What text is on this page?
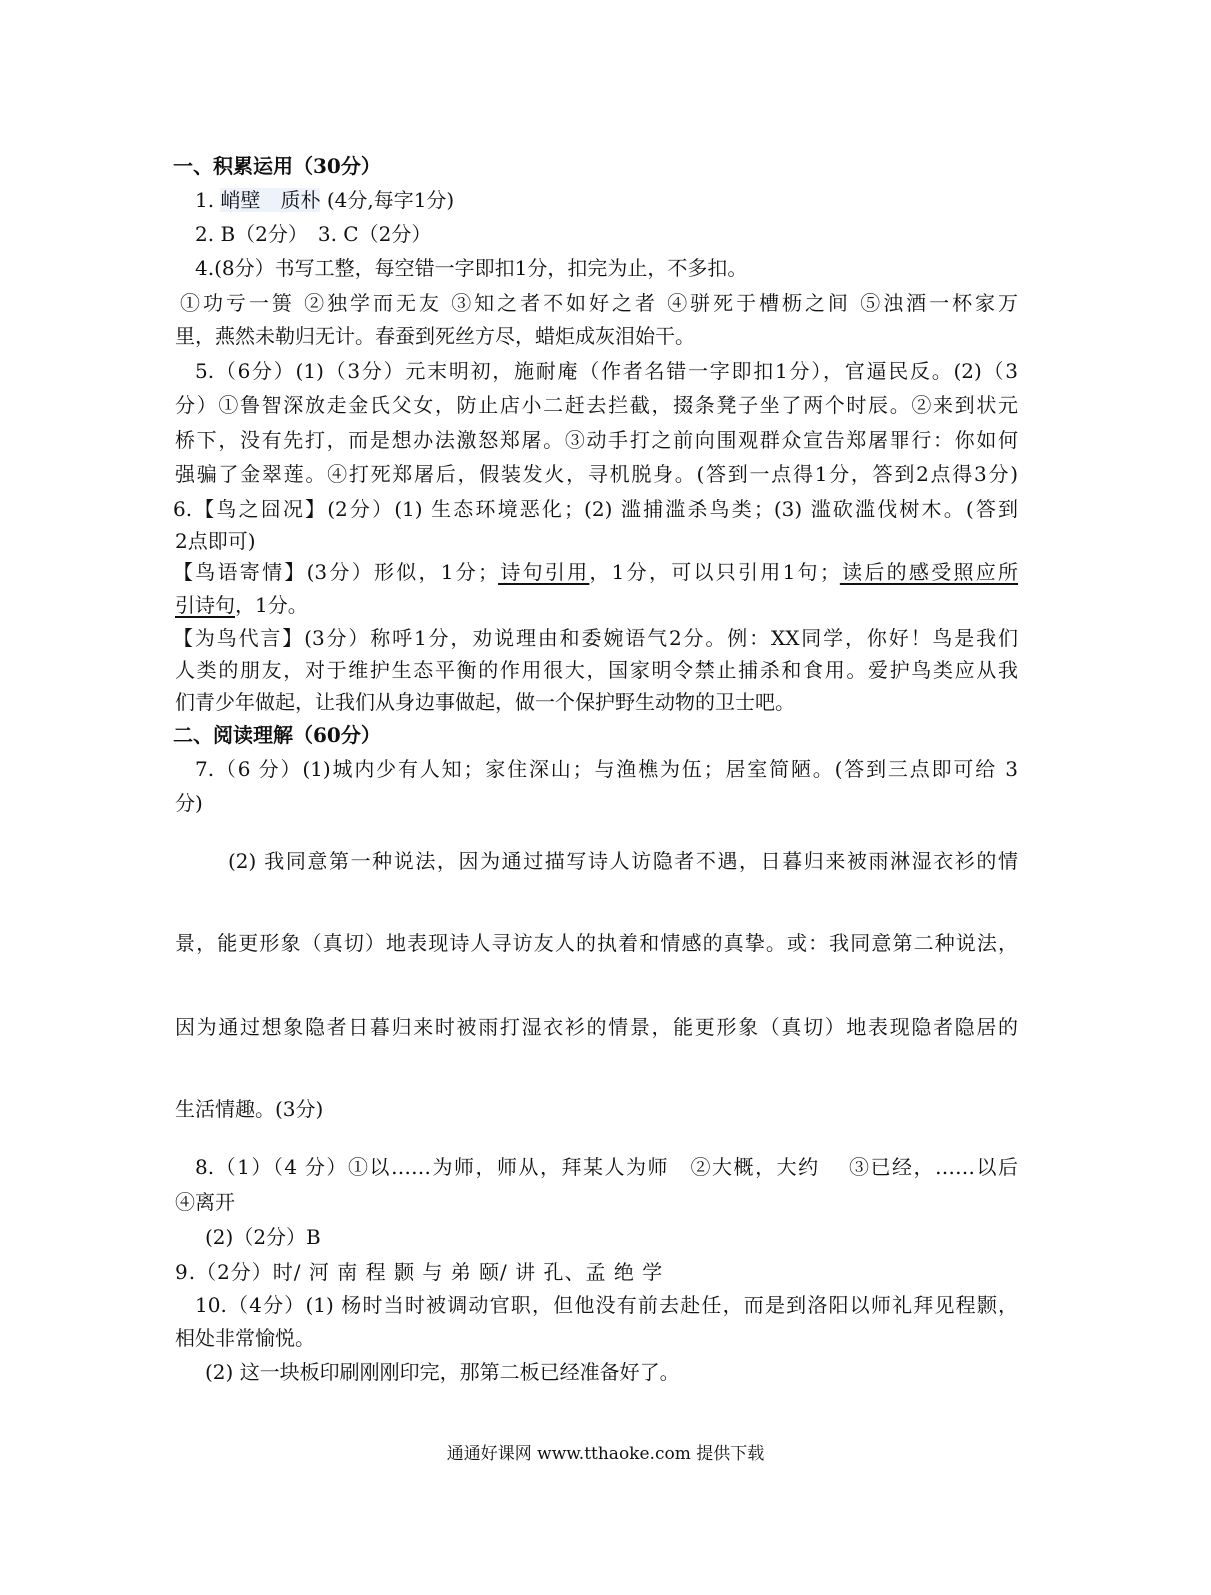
一、积累运用（30分）
1. 峭壁　质朴 (4分,每字1分)
2. B（2分）　3. C（2分）
4.(8分）书写工整，每空错一字即扣1分，扣完为止，不多扣。
①功亏一篑 ②独学而无友 ③知之者不如好之者 ④骈死于槽枥之间 ⑤浊酒一杯家万
里，燕然未勒归无计。春蚕到死丝方尽，蜡炬成灰泪始干。
5.（6分）(1)（3分）元末明初，施耐庵（作者名错一字即扣1分），官逼民反。(2)（3
分）①鲁智深放走金氏父女，防止店小二赶去拦截，掇条凳子坐了两个时辰。②来到状元
桥下，没有先打，而是想办法激怒郑屠。③动手打之前向围观群众宣告郑屠罪行：你如何
强骗了金翠莲。④打死郑屠后，假装发火，寻机脱身。(答到一点得1分，答到2点得3分)
6.【鸟之囧况】(2分）(1) 生态环境恶化；(2) 滥捕滥杀鸟类；(3) 滥砍滥伐树木。(答到
2点即可)
【鸟语寄情】(3分）形似，1分；诗句引用，1分，可以只引用1句；读后的感受照应所
引诗句，1分。
【为鸟代言】(3分）称呼1分，劝说理由和委婉语气2分。例：XX同学，你好！鸟是我们
人类的朋友，对于维护生态平衡的作用很大，国家明令禁止捕杀和食用。爱护鸟类应从我
们青少年做起，让我们从身边事做起，做一个保护野生动物的卫士吧。
二、阅读理解（60分）
7.（6 分）(1)城内少有人知；家住深山；与渔樵为伍；居室简陋。(答到三点即可给 3
分)
(2) 我同意第一种说法，因为通过描写诗人访隐者不遇，日暮归来被雨淋湿衣衫的情
景，能更形象（真切）地表现诗人寻访友人的执着和情感的真挚。或：我同意第二种说法，
因为通过想象隐者日暮归来时被雨打湿衣衫的情景，能更形象（真切）地表现隐者隐居的
生活情趣。(3分)
8.（1）（4 分）①以……为师，师从，拜某人为师　②大概，大约　 ③已经，……以后
④离开
(2)（2分）B
9.（2分）时/ 河 南 程 颢 与 弟 颐/ 讲 孔、孟 绝 学
10.（4分）(1) 杨时当时被调动官职，但他没有前去赴任，而是到洛阳以师礼拜见程颢，
相处非常愉悦。
(2) 这一块板印刷刚刚印完，那第二板已经准备好了。
通通好课网 www.tthaoke.com 提供下载
